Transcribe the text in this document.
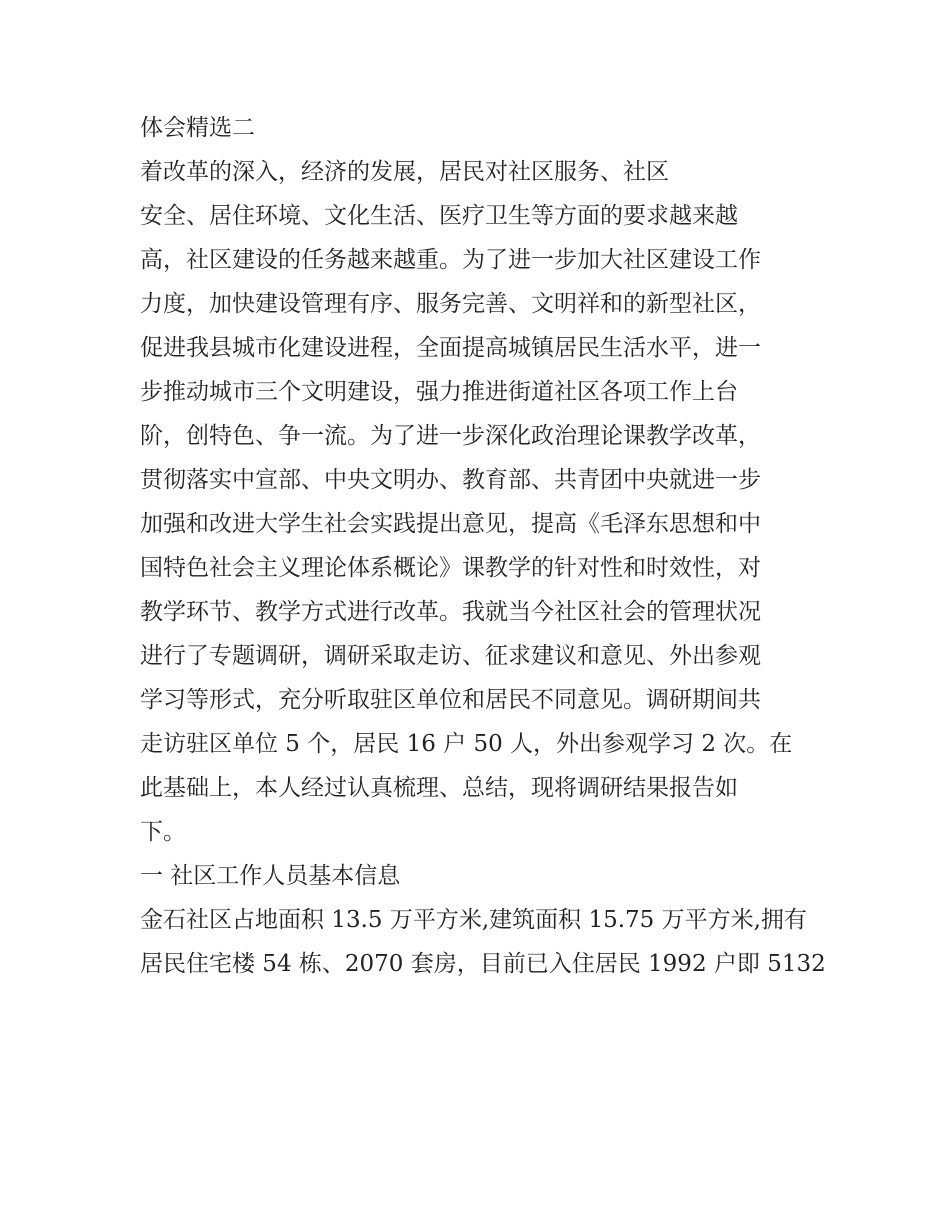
体会精选二
着改革的深入，经济的发展，居民对社区服务、社区
安全、居住环境、文化生活、医疗卫生等方面的要求越来越
高，社区建设的任务越来越重。为了进一步加大社区建设工作
力度，加快建设管理有序、服务完善、文明祥和的新型社区，
促进我县城市化建设进程，全面提高城镇居民生活水平，进一
步推动城市三个文明建设，强力推进街道社区各项工作上台
阶，创特色、争一流。为了进一步深化政治理论课教学改革，
贯彻落实中宣部、中央文明办、教育部、共青团中央就进一步
加强和改进大学生社会实践提出意见，提高《毛泽东思想和中
国特色社会主义理论体系概论》课教学的针对性和时效性，对
教学环节、教学方式进行改革。我就当今社区社会的管理状况
进行了专题调研，调研采取走访、征求建议和意见、外出参观
学习等形式，充分听取驻区单位和居民不同意见。调研期间共
走访驻区单位 5 个，居民 16 户 50 人，外出参观学习 2 次。在
此基础上，本人经过认真梳理、总结，现将调研结果报告如
下。
一 社区工作人员基本信息
金石社区占地面积 13.5 万平方米,建筑面积 15.75 万平方米,拥有
居民住宅楼 54 栋、2070 套房，目前已入住居民 1992 户即 5132
